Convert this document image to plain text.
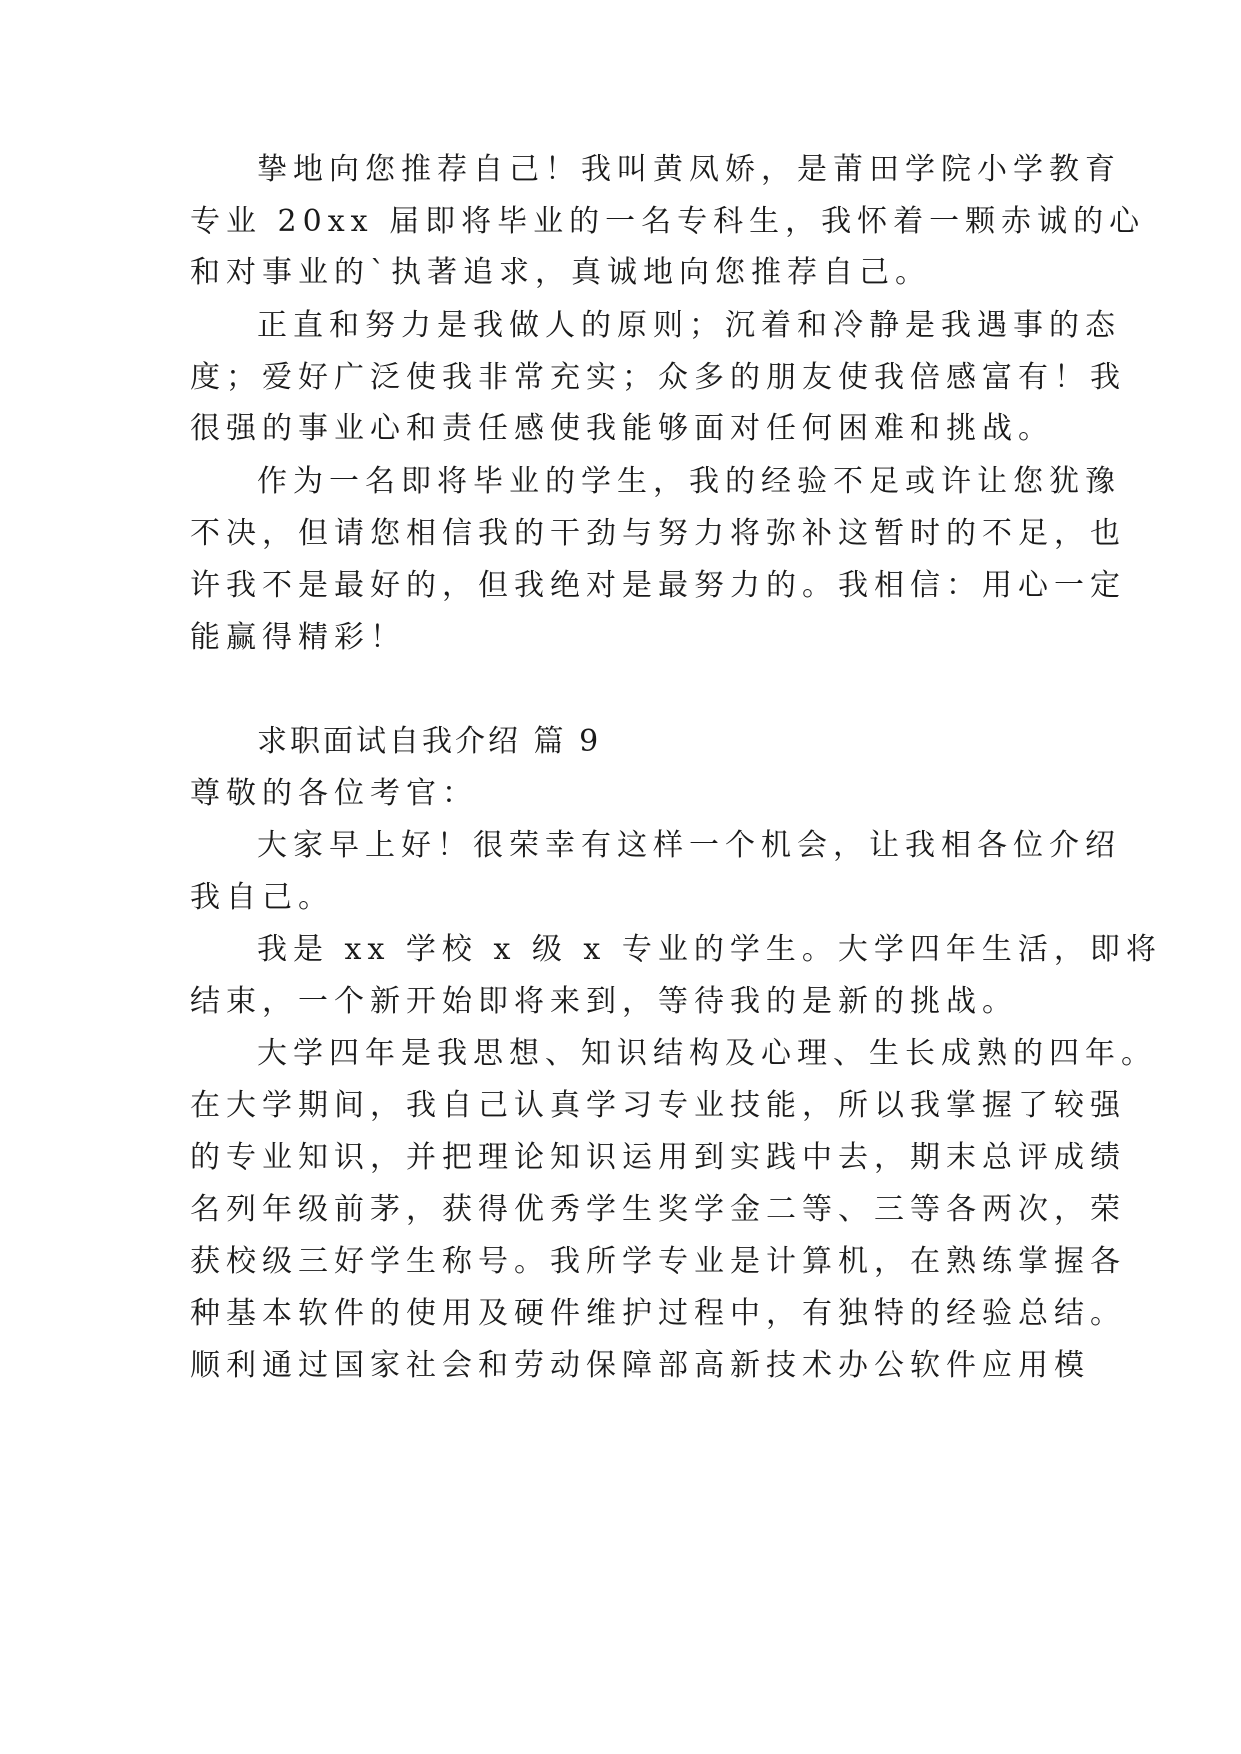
挚地向您推荐自己！我叫黄凤娇，是莆田学院小学教育

专业 20xx 届即将毕业的一名专科生，我怀着一颗赤诚的心

和对事业的`执著追求，真诚地向您推荐自己。

正直和努力是我做人的原则；沉着和冷静是我遇事的态

度；爱好广泛使我非常充实；众多的朋友使我倍感富有！我

很强的事业心和责任感使我能够面对任何困难和挑战。

作为一名即将毕业的学生，我的经验不足或许让您犹豫

不决，但请您相信我的干劲与努力将弥补这暂时的不足，也

许我不是最好的，但我绝对是最努力的。我相信：用心一定

能赢得精彩！

求职面试自我介绍 篇 9

尊敬的各位考官：

大家早上好！很荣幸有这样一个机会，让我相各位介绍

我自己。

我是 xx 学校 x 级 x 专业的学生。大学四年生活，即将

结束，一个新开始即将来到，等待我的是新的挑战。

大学四年是我思想、知识结构及心理、生长成熟的四年。

在大学期间，我自己认真学习专业技能，所以我掌握了较强

的专业知识，并把理论知识运用到实践中去，期末总评成绩

名列年级前茅，获得优秀学生奖学金二等、三等各两次，荣

获校级三好学生称号。我所学专业是计算机，在熟练掌握各

种基本软件的使用及硬件维护过程中，有独特的经验总结。

顺利通过国家社会和劳动保障部高新技术办公软件应用模
